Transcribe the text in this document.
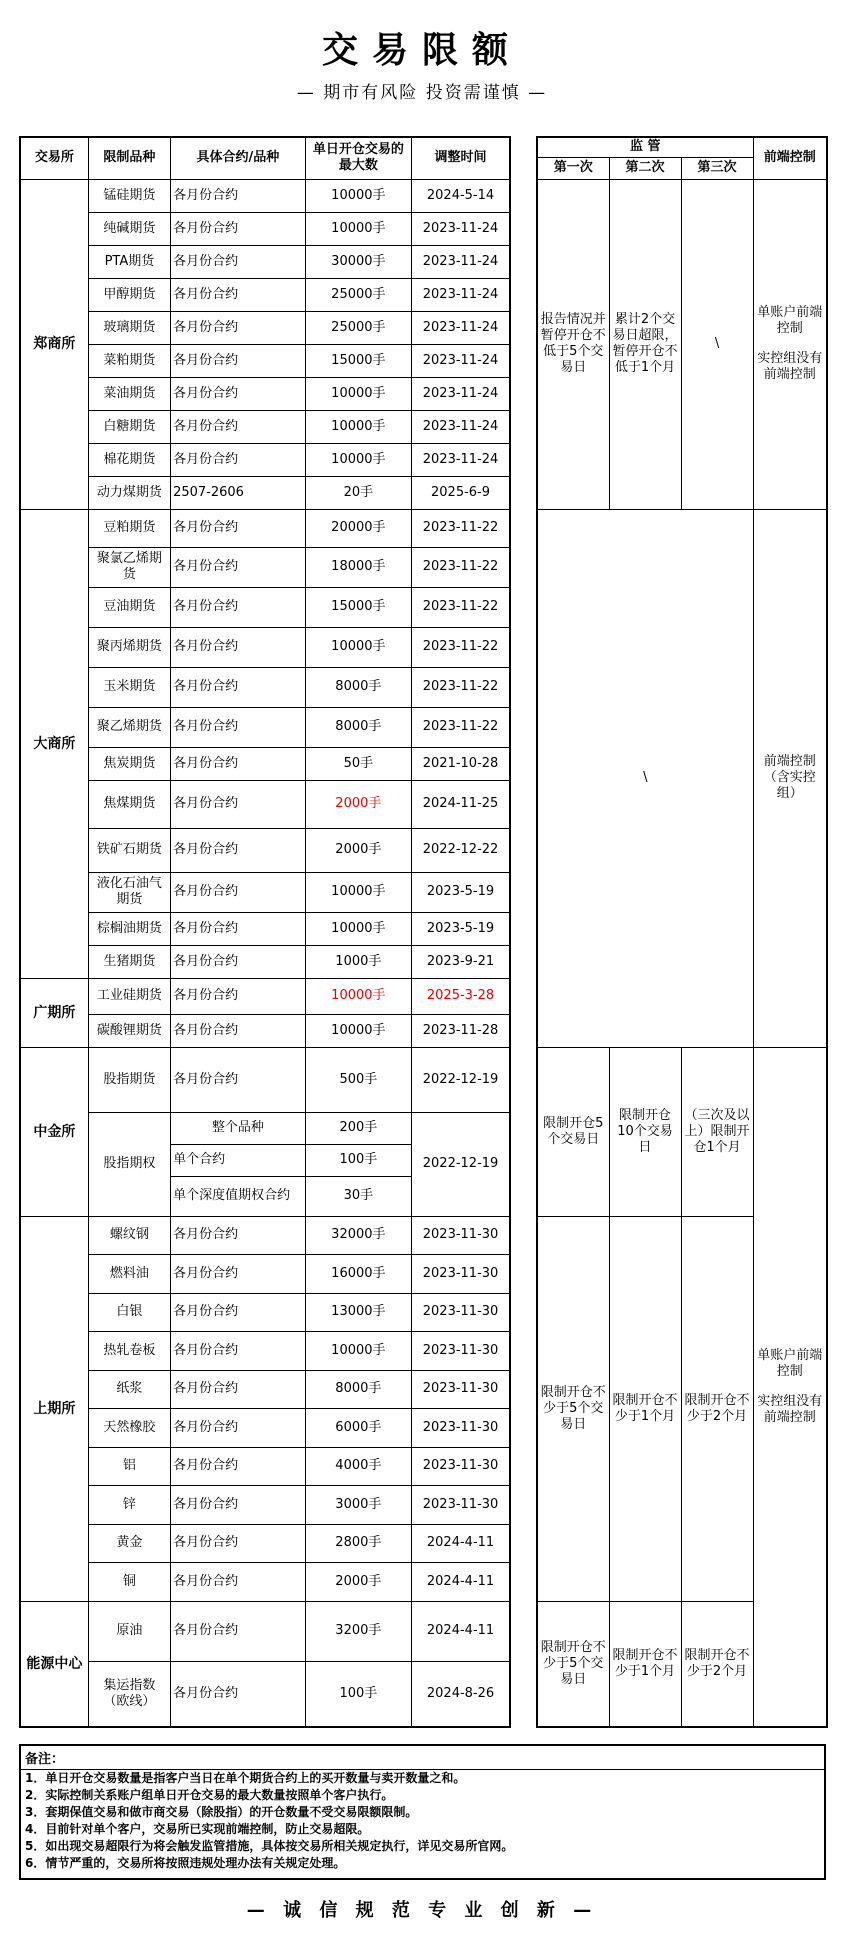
交易限额
— 期市有风险 投资需谨慎 —
交易所	限制品种	具体合约/品种	单日开仓交易的最大数	调整时间
郑商所	锰硅期货	各月份合约	10000手	2024-5-14
	纯碱期货	各月份合约	10000手	2023-11-24
	PTA期货	各月份合约	30000手	2023-11-24
	甲醇期货	各月份合约	25000手	2023-11-24
	玻璃期货	各月份合约	25000手	2023-11-24
	菜粕期货	各月份合约	15000手	2023-11-24
	菜油期货	各月份合约	10000手	2023-11-24
	白糖期货	各月份合约	10000手	2023-11-24
	棉花期货	各月份合约	10000手	2023-11-24
	动力煤期货	2507-2606	20手	2025-6-9
大商所	豆粕期货	各月份合约	20000手	2023-11-22
	聚氯乙烯期货	各月份合约	18000手	2023-11-22
	豆油期货	各月份合约	15000手	2023-11-22
	聚丙烯期货	各月份合约	10000手	2023-11-22
	玉米期货	各月份合约	8000手	2023-11-22
	聚乙烯期货	各月份合约	8000手	2023-11-22
	焦炭期货	各月份合约	50手	2021-10-28
	焦煤期货	各月份合约	2000手	2024-11-25
	铁矿石期货	各月份合约	2000手	2022-12-22
	液化石油气期货	各月份合约	10000手	2023-5-19
	棕榈油期货	各月份合约	10000手	2023-5-19
	生猪期货	各月份合约	1000手	2023-9-21
广期所	工业硅期货	各月份合约	10000手	2025-3-28
	碳酸锂期货	各月份合约	10000手	2023-11-28
中金所	股指期货	各月份合约	500手	2022-12-19
	股指期权	整个品种	200手	2022-12-19
		单个合约	100手	
		单个深度值期权合约	30手	
上期所	螺纹钢	各月份合约	32000手	2023-11-30
	燃料油	各月份合约	16000手	2023-11-30
	白银	各月份合约	13000手	2023-11-30
	热轧卷板	各月份合约	10000手	2023-11-30
	纸浆	各月份合约	8000手	2023-11-30
	天然橡胶	各月份合约	6000手	2023-11-30
	铝	各月份合约	4000手	2023-11-30
	锌	各月份合约	3000手	2023-11-30
	黄金	各月份合约	2800手	2024-4-11
	铜	各月份合约	2000手	2024-4-11
能源中心	原油	各月份合约	3200手	2024-4-11
	集运指数（欧线）	各月份合约	100手	2024-8-26
监 管			前端控制
第一次	第二次	第三次	
报告情况并暂停开仓不低于5个交易日	累计2个交易日超限，暂停开仓不低于1个月	\	单账户前端控制
实控组没有前端控制

\			前端控制（含实控组）
限制开仓5个交易日	限制开仓10个交易日	（三次及以上）限制开仓1个月	单账户前端控制
实控组没有前端控制

限制开仓不少于5个交易日	限制开仓不少于1个月	限制开仓不少于2个月	
限制开仓不少于5个交易日	限制开仓不少于1个月	限制开仓不少于2个月	
备注：
1．单日开仓交易数量是指客户当日在单个期货合约上的买开数量与卖开数量之和。
2．实际控制关系账户组单日开仓交易的最大数量按照单个客户执行。
3．套期保值交易和做市商交易（除股指）的开仓数量不受交易限额限制。
4．目前针对单个客户，交易所已实现前端控制，防止交易超限。
5．如出现交易超限行为将会触发监管措施，具体按交易所相关规定执行，详见交易所官网。
6．情节严重的，交易所将按照违规处理办法有关规定处理。
— 诚 信 规 范 专 业 创 新 —
